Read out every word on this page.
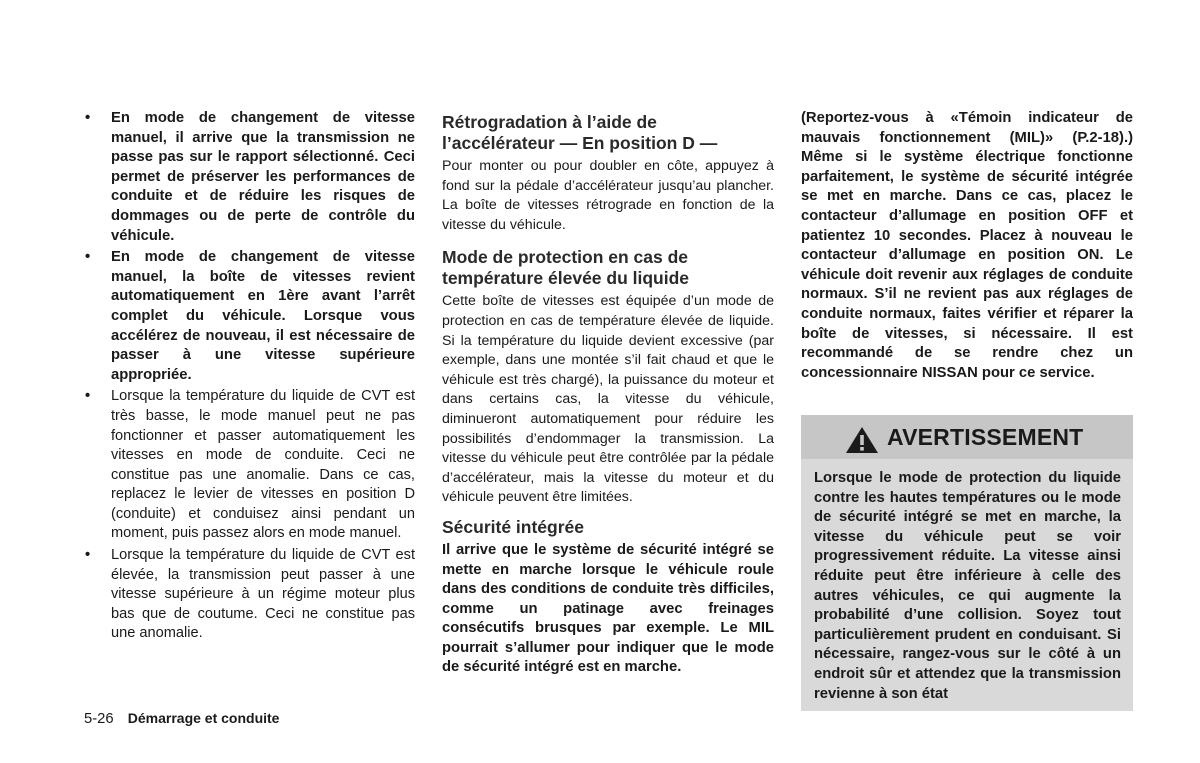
• En mode de changement de vitesse manuel, il arrive que la transmission ne passe pas sur le rapport sélectionné. Ceci permet de préserver les performances de conduite et de réduire les risques de dommages ou de perte de contrôle du véhicule.
• En mode de changement de vitesse manuel, la boîte de vitesses revient automatiquement en 1ère avant l’arrêt complet du véhicule. Lorsque vous accélérez de nouveau, il est nécessaire de passer à une vitesse supérieure appropriée.
• Lorsque la température du liquide de CVT est très basse, le mode manuel peut ne pas fonctionner et passer automatiquement les vitesses en mode de conduite. Ceci ne constitue pas une anomalie. Dans ce cas, replacez le levier de vitesses en position D (conduite) et conduisez ainsi pendant un moment, puis passez alors en mode manuel.
• Lorsque la température du liquide de CVT est élevée, la transmission peut passer à une vitesse supérieure à un régime moteur plus bas que de coutume. Ceci ne constitue pas une anomalie.
Rétrogradation à l’aide de l’accélérateur — En position D —

Pour monter ou pour doubler en côte, appuyez à fond sur la pédale d’accélérateur jusqu’au plancher. La boîte de vitesses rétrograde en fonction de la vitesse du véhicule.

Mode de protection en cas de température élevée du liquide

Cette boîte de vitesses est équipée d’un mode de protection en cas de température élevée de liquide. Si la température du liquide devient excessive (par exemple, dans une montée s’il fait chaud et que le véhicule est très chargé), la puissance du moteur et dans certains cas, la vitesse du véhicule, diminueront automatiquement pour réduire les possibilités d’endommager la transmission. La vitesse du véhicule peut être contrôlée par la pédale d’accélérateur, mais la vitesse du moteur et du véhicule peuvent être limitées.

Sécurité intégrée

Il arrive que le système de sécurité intégré se mette en marche lorsque le véhicule roule dans des conditions de conduite très difficiles, comme un patinage avec freinages consécutifs brusques par exemple. Le MIL pourrait s’allumer pour indiquer que le mode de sécurité intégré est en marche.

(Reportez-vous à «Témoin indicateur de mauvais fonctionnement (MIL)» (P.2-18).) Même si le système électrique fonctionne parfaitement, le système de sécurité intégrée se met en marche. Dans ce cas, placez le contacteur d’allumage en position OFF et patientez 10 secondes. Placez à nouveau le contacteur d’allumage en position ON. Le véhicule doit revenir aux réglages de conduite normaux. S’il ne revient pas aux réglages de conduite normaux, faites vérifier et réparer la boîte de vitesses, si nécessaire. Il est recommandé de se rendre chez un concessionnaire NISSAN pour ce service.

AVERTISSEMENT

Lorsque le mode de protection du liquide contre les hautes températures ou le mode de sécurité intégré se met en marche, la vitesse du véhicule peut se voir progressivement réduite. La vitesse ainsi réduite peut être inférieure à celle des autres véhicules, ce qui augmente la probabilité d’une collision. Soyez tout particulièrement prudent en conduisant. Si nécessaire, rangez-vous sur le côté à un endroit sûr et attendez que la transmission revienne à son état

5-26 Démarrage et conduite
